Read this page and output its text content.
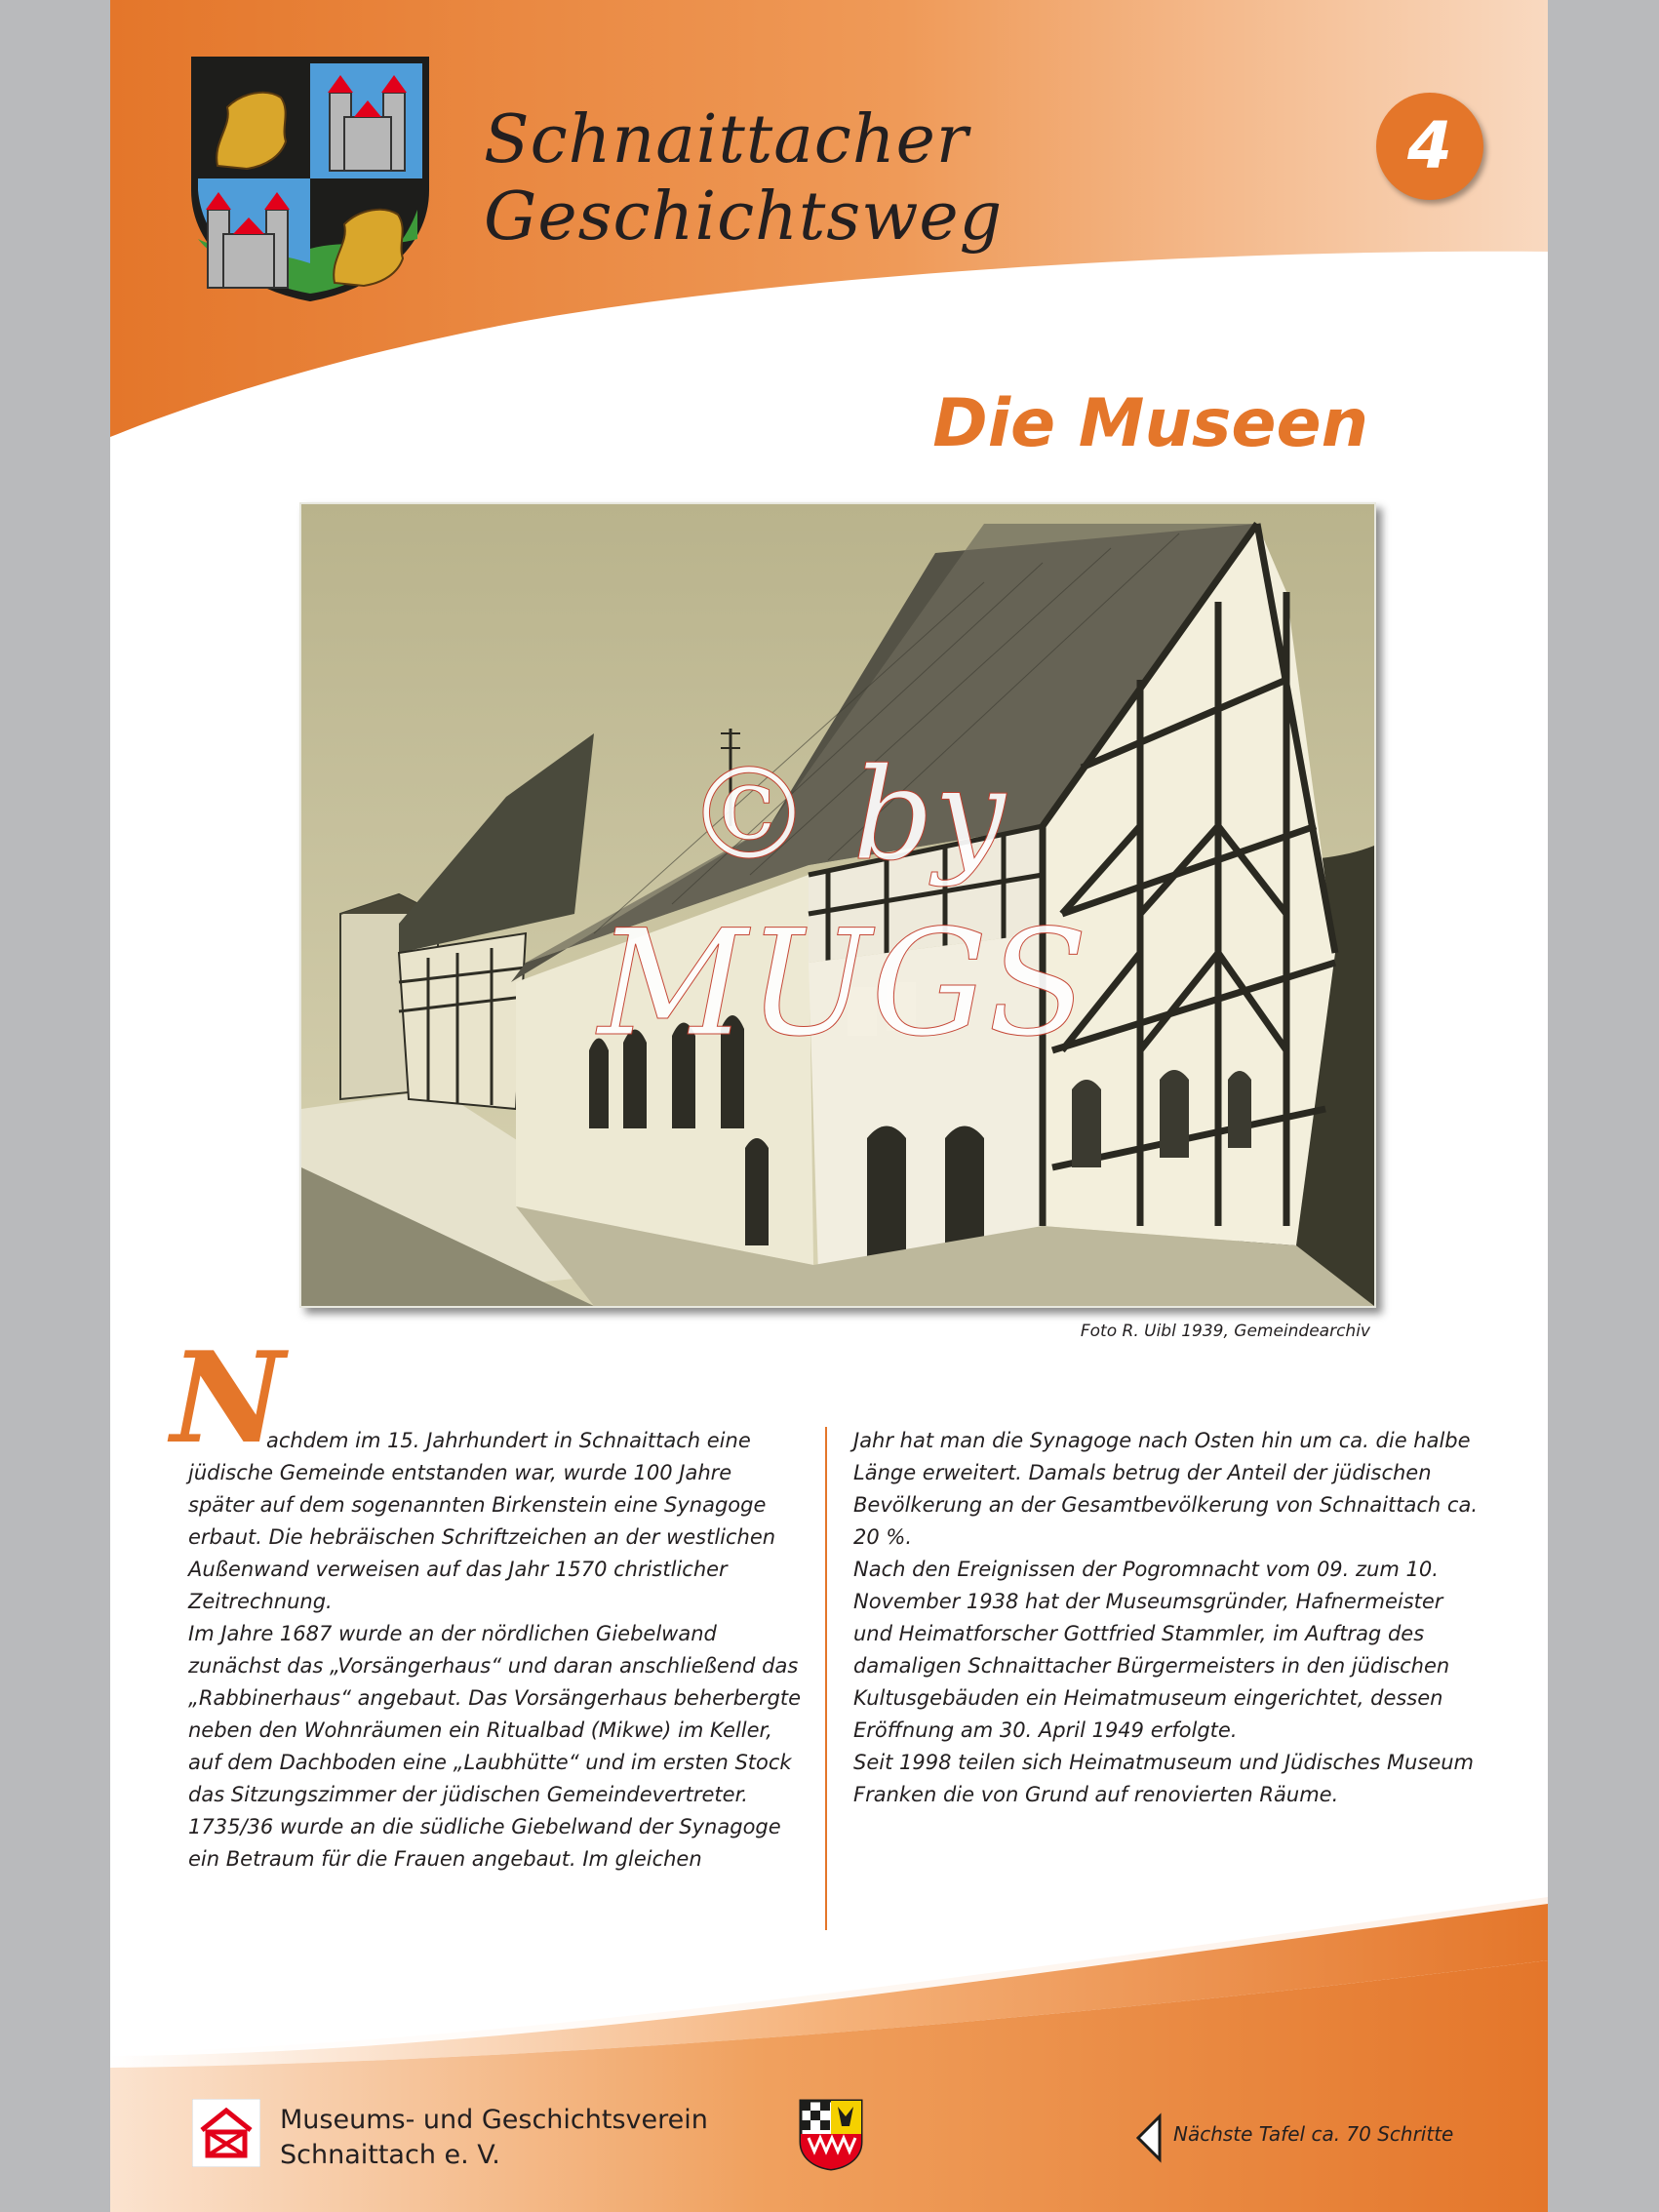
Schnaittacher Geschichtsweg
4
Die Museen
© by
MUGS
Foto R. Uibl 1939, Gemeindearchiv
N
achdem im 15. Jahrhundert in Schnaittach eine

jüdische Gemeinde entstanden war, wurde 100 Jahre später auf dem sogenannten Birkenstein eine Synagoge erbaut. Die hebräischen Schriftzeichen an der westlichen Außenwand verweisen auf das Jahr 1570 christlicher Zeitrechnung.

Im Jahre 1687 wurde an der nördlichen Giebelwand zunächst das „Vorsängerhaus“ und daran anschließend das „Rabbinerhaus“ angebaut. Das Vorsängerhaus beherbergte neben den Wohnräumen ein Ritualbad (Mikwe) im Keller, auf dem Dachboden eine „Laubhütte“ und im ersten Stock das Sitzungszimmer der jüdischen Gemeindevertreter.

1735/36 wurde an die südliche Giebelwand der Synagoge ein Betraum für die Frauen angebaut. Im gleichen

Jahr hat man die Synagoge nach Osten hin um ca. die halbe Länge erweitert. Damals betrug der Anteil der jüdischen Bevölkerung an der Gesamtbevölkerung von Schnaittach ca. 20 %.

Nach den Ereignissen der Pogromnacht vom 09. zum 10. November 1938 hat der Museumsgründer, Hafnermeister und Heimatforscher Gottfried Stammler, im Auftrag des damaligen Schnaittacher Bürgermeisters in den jüdischen Kultusgebäuden ein Heimatmuseum eingerichtet, dessen Eröffnung am 30. April 1949 erfolgte.

Seit 1998 teilen sich Heimatmuseum und Jüdisches Museum Franken die von Grund auf renovierten Räume.

Museums- und Geschichtsverein
Schnaittach e. V.
Nächste Tafel ca. 70 Schritte
